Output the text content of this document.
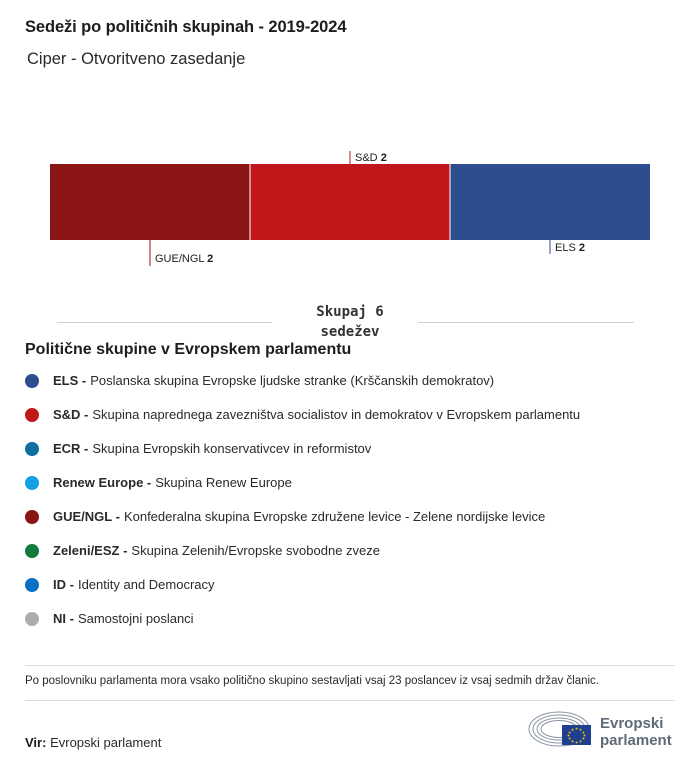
Sedeži po političnih skupinah - 2019-2024
Ciper - Otvoritveno zasedanje
GUE/NGL 2
S&D 2
ELS 2
Skupaj 6
sedežev
Politične skupine v Evropskem parlamentu
ELS - Poslanska skupina Evropske ljudske stranke (Krščanskih demokratov)
S&D - Skupina naprednega zavezništva socialistov in demokratov v Evropskem parlamentu
ECR - Skupina Evropskih konservativcev in reformistov
Renew Europe - Skupina Renew Europe
GUE/NGL - Konfederalna skupina Evropske združene levice - Zelene nordijske levice
Zeleni/ESZ - Skupina Zelenih/Evropske svobodne zveze
ID - Identity and Democracy
NI - Samostojni poslanci
Po poslovniku parlamenta mora vsako politično skupino sestavljati vsaj 23 poslancev iz vsaj sedmih držav članic.
Vir: Evropski parlament
Evropski
parlament
